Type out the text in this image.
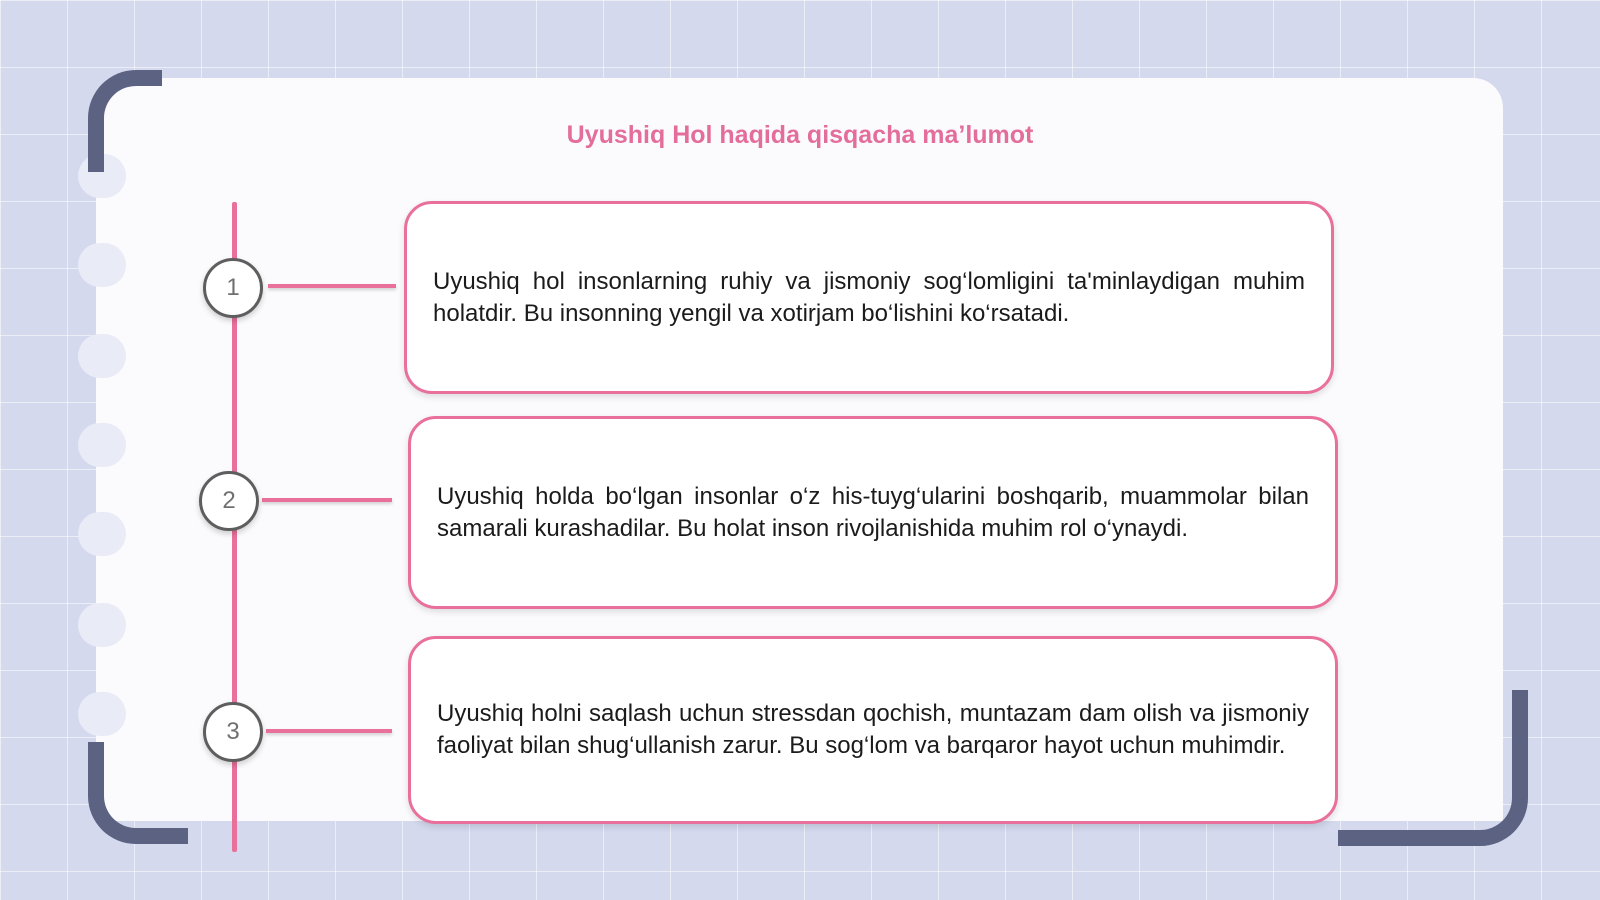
Uyushiq Hol haqida qisqacha ma’lumot
1
2
3

Uyushiq hol insonlarning ruhiy va jismoniy sog‘lomligini ta'minlaydigan muhim holatdir. Bu insonning yengil va xotirjam bo‘lishini ko‘rsatadi.

Uyushiq holda bo‘lgan insonlar o‘z his-tuyg‘ularini boshqarib, muammolar bilan samarali kurashadilar. Bu holat inson rivojlanishida muhim rol o‘ynaydi.

Uyushiq holni saqlash uchun stressdan qochish, muntazam dam olish va jismoniy faoliyat bilan shug‘ullanish zarur. Bu sog‘lom va barqaror hayot uchun muhimdir.
